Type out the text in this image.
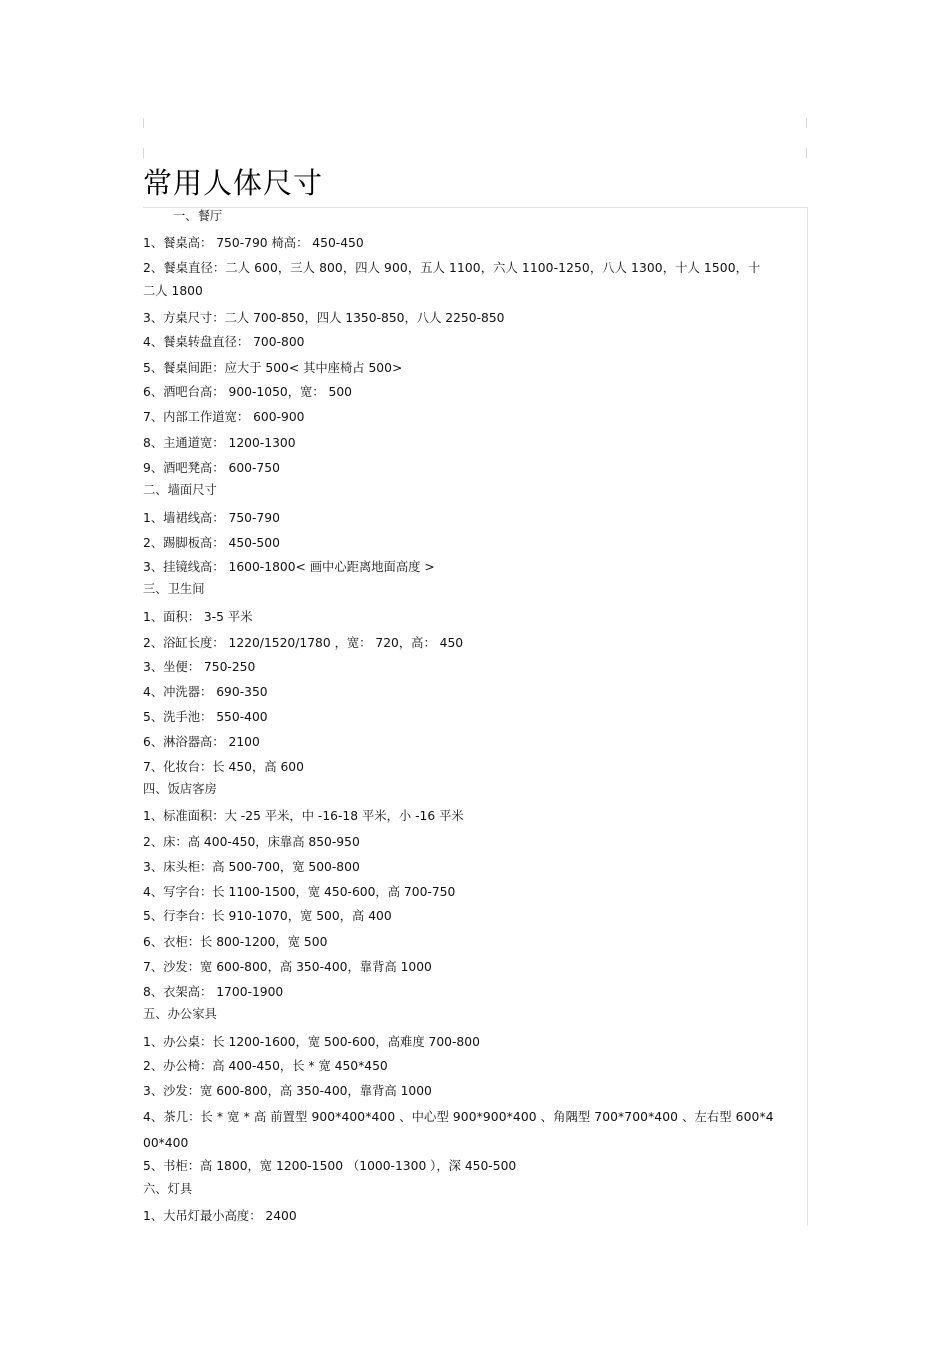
常用人体尺寸
一、餐厅
1、餐桌高： 750-790 椅高： 450-450
2、餐桌直径：二人 600，三人 800，四人 900，五人 1100，六人 1100-1250，八人 1300，十人 1500，十
二人 1800
3、方桌尺寸：二人 700-850，四人 1350-850，八人 2250-850
4、餐桌转盘直径： 700-800
5、餐桌间距：应大于 500< 其中座椅占 500>
6、酒吧台高： 900-1050，宽： 500
7、内部工作道宽： 600-900
8、主通道宽： 1200-1300
9、酒吧凳高： 600-750
二、墙面尺寸
1、墙裙线高： 750-790
2、踢脚板高： 450-500
3、挂镜线高： 1600-1800< 画中心距离地面高度 >
三、卫生间
1、面积： 3-5 平米
2、浴缸长度： 1220/1520/1780 ，宽： 720，高： 450
3、坐便： 750-250
4、冲洗器： 690-350
5、洗手池： 550-400
6、淋浴器高： 2100
7、化妆台：长 450，高 600
四、饭店客房
1、标准面积：大 -25 平米，中 -16-18 平米，小 -16 平米
2、床：高 400-450，床靠高 850-950
3、床头柜：高 500-700，宽 500-800
4、写字台：长 1100-1500，宽 450-600，高 700-750
5、行李台：长 910-1070，宽 500，高 400
6、衣柜：长 800-1200，宽 500
7、沙发：宽 600-800，高 350-400，靠背高 1000
8、衣架高： 1700-1900
五、办公家具
1、办公桌：长 1200-1600，宽 500-600，高难度 700-800
2、办公椅：高 400-450，长 * 宽 450*450
3、沙发：宽 600-800，高 350-400，靠背高 1000
4、茶几：长 * 宽 * 高 前置型 900*400*400 、中心型 900*900*400 、角隅型 700*700*400 、左右型 600*4
00*400
5、书柜：高 1800，宽 1200-1500 （1000-1300 ），深 450-500
六、灯具
1、大吊灯最小高度： 2400
